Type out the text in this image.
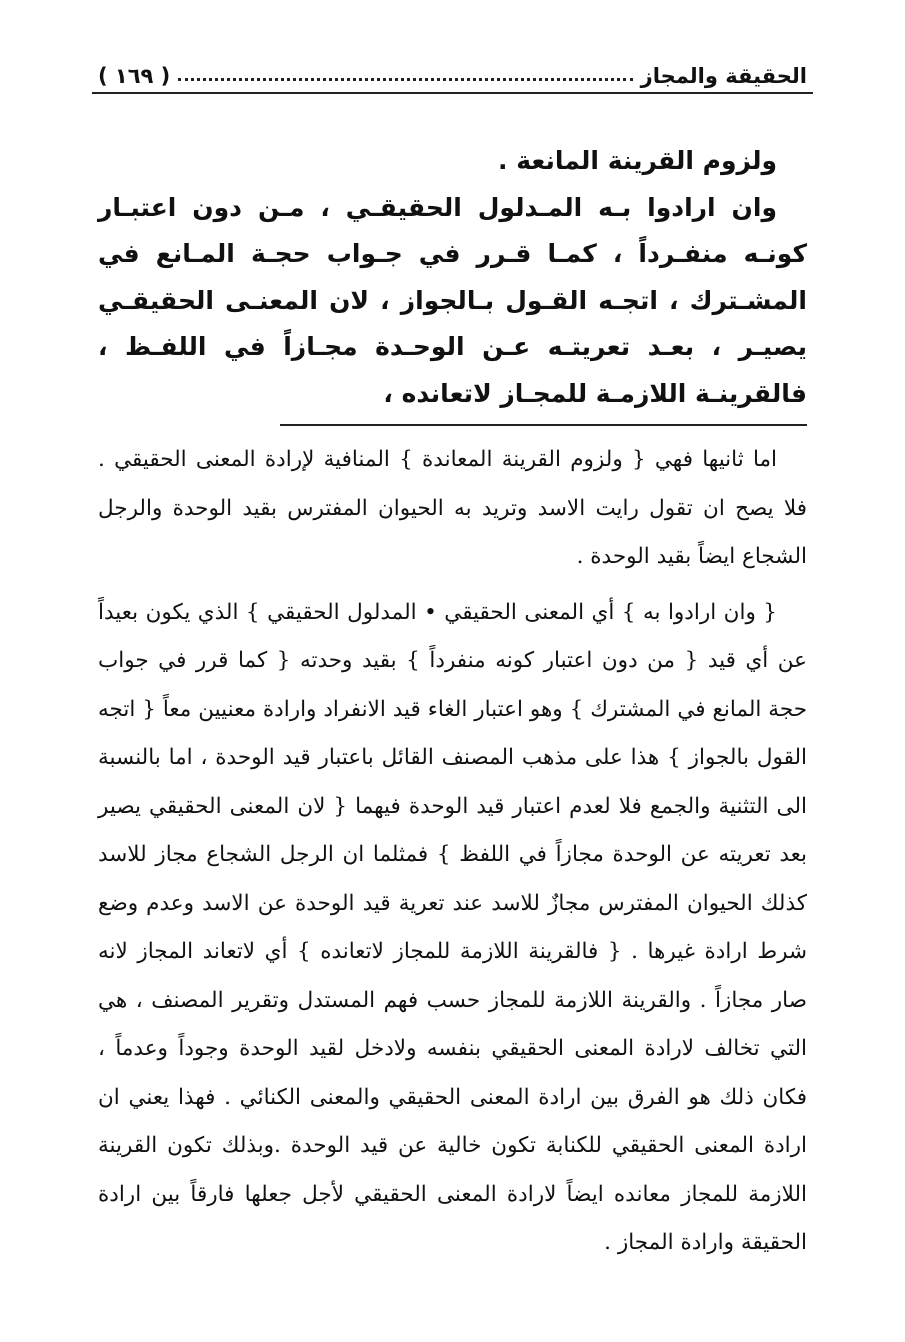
الحقيقة والمجاز
( ١٦٩ )

ولزوم القرينة المانعة .

وان ارادوا بـه المـدلول الحقيقـي ، مـن دون اعتبـار كونـه منفـرداً ، كمـا قـرر في جـواب حجـة المـانع في المشـترك ، اتجـه القـول بـالجواز ، لان المعنـى الحقيقـي يصيـر ، بعـد تعريتـه عـن الوحـدة مجـازاً في اللفـظ ، فالقرينـة اللازمـة للمجـاز لاتعانده ،

اما ثانيها فهي { ولزوم القرينة المعاندة } المنافية لإرادة المعنى الحقيقي . فلا يصح ان تقول رايت الاسد وتريد به الحيوان المفترس بقيد الوحدة والرجل الشجاع ايضاً بقيد الوحدة .

{ وان ارادوا به } أي المعنى الحقيقي • المدلول الحقيقي } الذي يكون بعيداً عن أي قيد { من دون اعتبار كونه منفرداً } بقيد وحدته { كما قرر في جواب حجة المانع في المشترك } وهو اعتبار الغاء قيد الانفراد وارادة معنيين معاً { اتجه القول بالجواز } هذا على مذهب المصنف القائل باعتبار قيد الوحدة ، اما بالنسبة الى التثنية والجمع فلا لعدم اعتبار قيد الوحدة فيهما { لان المعنى الحقيقي يصير بعد تعريته عن الوحدة مجازاً في اللفظ } فمثلما ان الرجل الشجاع مجاز للاسد كذلك الحيوان المفترس مجازٌ للاسد عند تعرية قيد الوحدة عن الاسد وعدم وضع شرط ارادة غيرها . { فالقرينة اللازمة للمجاز لاتعانده } أي لاتعاند المجاز لانه صار مجازاً . والقرينة اللازمة للمجاز حسب فهم المستدل وتقرير المصنف ، هي التي تخالف لارادة المعنى الحقيقي بنفسه ولادخل لقيد الوحدة وجوداً وعدماً ، فكان ذلك هو الفرق بين ارادة المعنى الحقيقي والمعنى الكنائي . فهذا يعني ان ارادة المعنى الحقيقي للكنابة تكون خالية عن قيد الوحدة .وبذلك تكون القرينة اللازمة للمجاز معانده ايضاً لارادة المعنى الحقيقي لأجل جعلها فارقاً بين ارادة الحقيقة وارادة المجاز .
